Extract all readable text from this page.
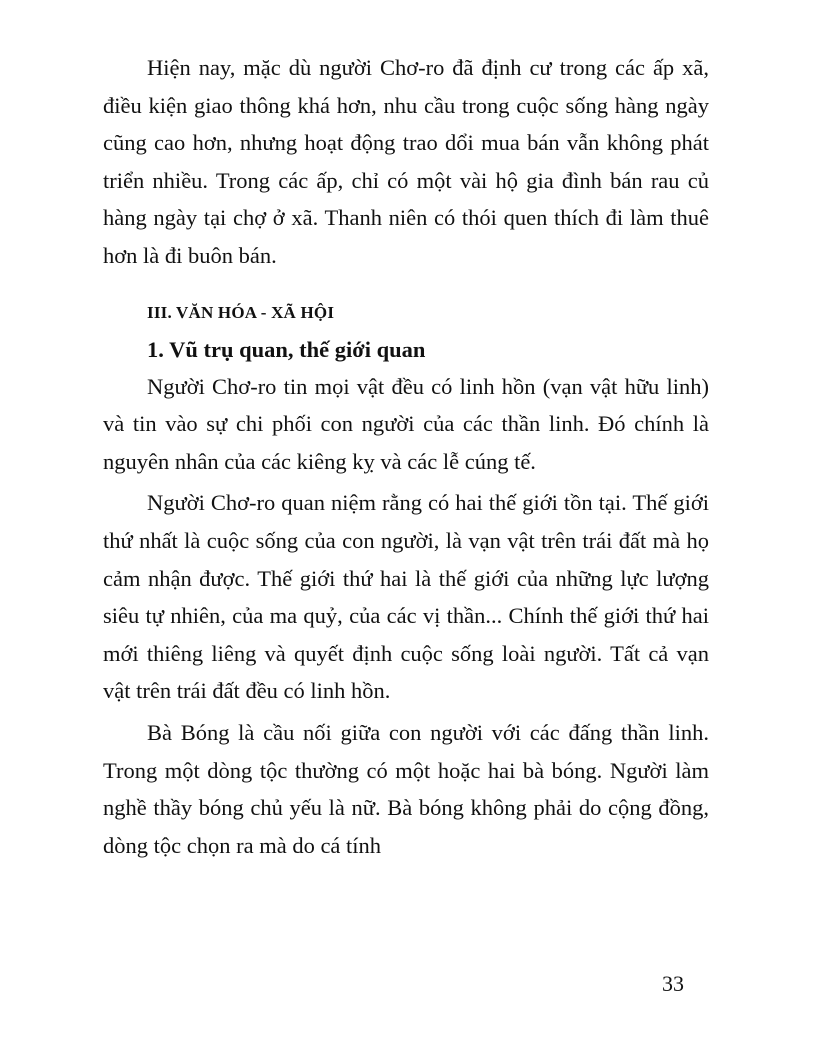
Hiện nay, mặc dù người Chơ-ro đã định cư trong các ấp xã, điều kiện giao thông khá hơn, nhu cầu trong cuộc sống hàng ngày cũng cao hơn, nhưng hoạt động trao dổi mua bán vẫn không phát triển nhiều. Trong các ấp, chỉ có một vài hộ gia đình bán rau củ hàng ngày tại chợ ở xã. Thanh niên có thói quen thích đi làm thuê hơn là đi buôn bán.

III. VĂN HÓA - XÃ HỘI
1. Vũ trụ quan, thế giới quan

Người Chơ-ro tin mọi vật đều có linh hồn (vạn vật hữu linh) và tin vào sự chi phối con người của các thần linh. Đó chính là nguyên nhân của các kiêng kỵ và các lễ cúng tế.

Người Chơ-ro quan niệm rằng có hai thế giới tồn tại. Thế giới thứ nhất là cuộc sống của con người, là vạn vật trên trái đất mà họ cảm nhận được. Thế giới thứ hai là thế giới của những lực lượng siêu tự nhiên, của ma quỷ, của các vị thần... Chính thế giới thứ hai mới thiêng liêng và quyết định cuộc sống loài người. Tất cả vạn vật trên trái đất đều có linh hồn.

Bà Bóng là cầu nối giữa con người với các đấng thần linh. Trong một dòng tộc thường có một hoặc hai bà bóng. Người làm nghề thầy bóng chủ yếu là nữ. Bà bóng không phải do cộng đồng, dòng tộc chọn ra mà do cá tính

33
